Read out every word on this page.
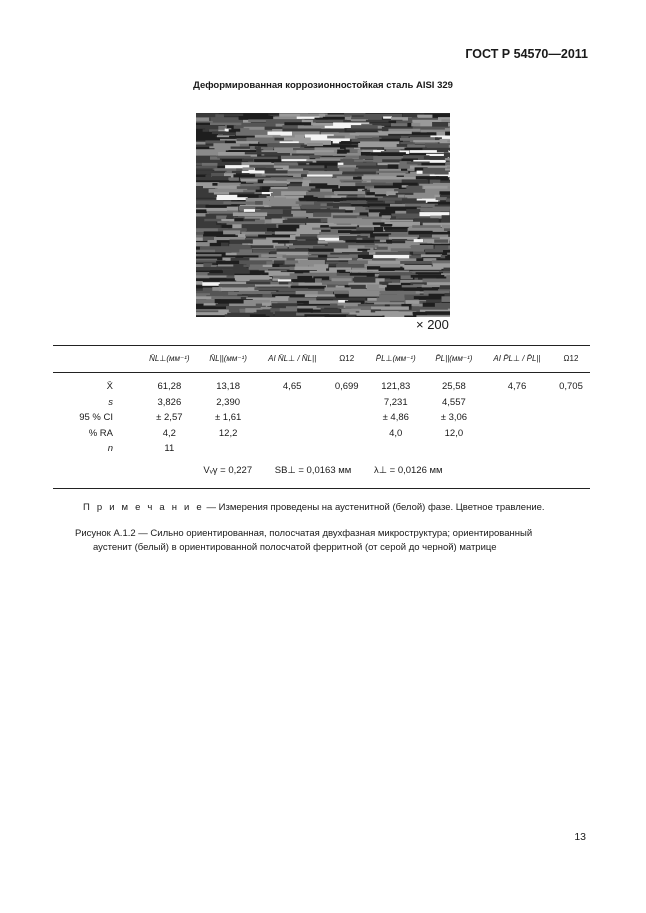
ГОСТ Р 54570—2011
Деформированная коррозионностойкая сталь AISI 329
× 200
	N̄L⊥(мм⁻¹)	N̄L||(мм⁻¹)	AI N̄L⊥ / N̄L||	Ω12	P̄L⊥(мм⁻¹)	P̄L||(мм⁻¹)	AI P̄L⊥ / P̄L||	Ω12

X̄	61,28	13,18	4,65	0,699	121,83	25,58	4,76	0,705
s	3,826	2,390			7,231	4,557		
95 % CI	± 2,57	± 1,61			± 4,86	± 3,06		
% RA	4,2	12,2			4,0	12,0		
n	11							
Vᵥγ = 0,227 SB⊥ = 0,0163 мм λ⊥ = 0,0126 мм
П р и м е ч а н и е — Измерения проведены на аустенитной (белой) фазе. Цветное травление.
Рисунок А.1.2 — Сильно ориентированная, полосчатая двухфазная микроструктура; ориентированный
аустенит (белый) в ориентированной полосчатой ферритной (от серой до черной) матрице
13
